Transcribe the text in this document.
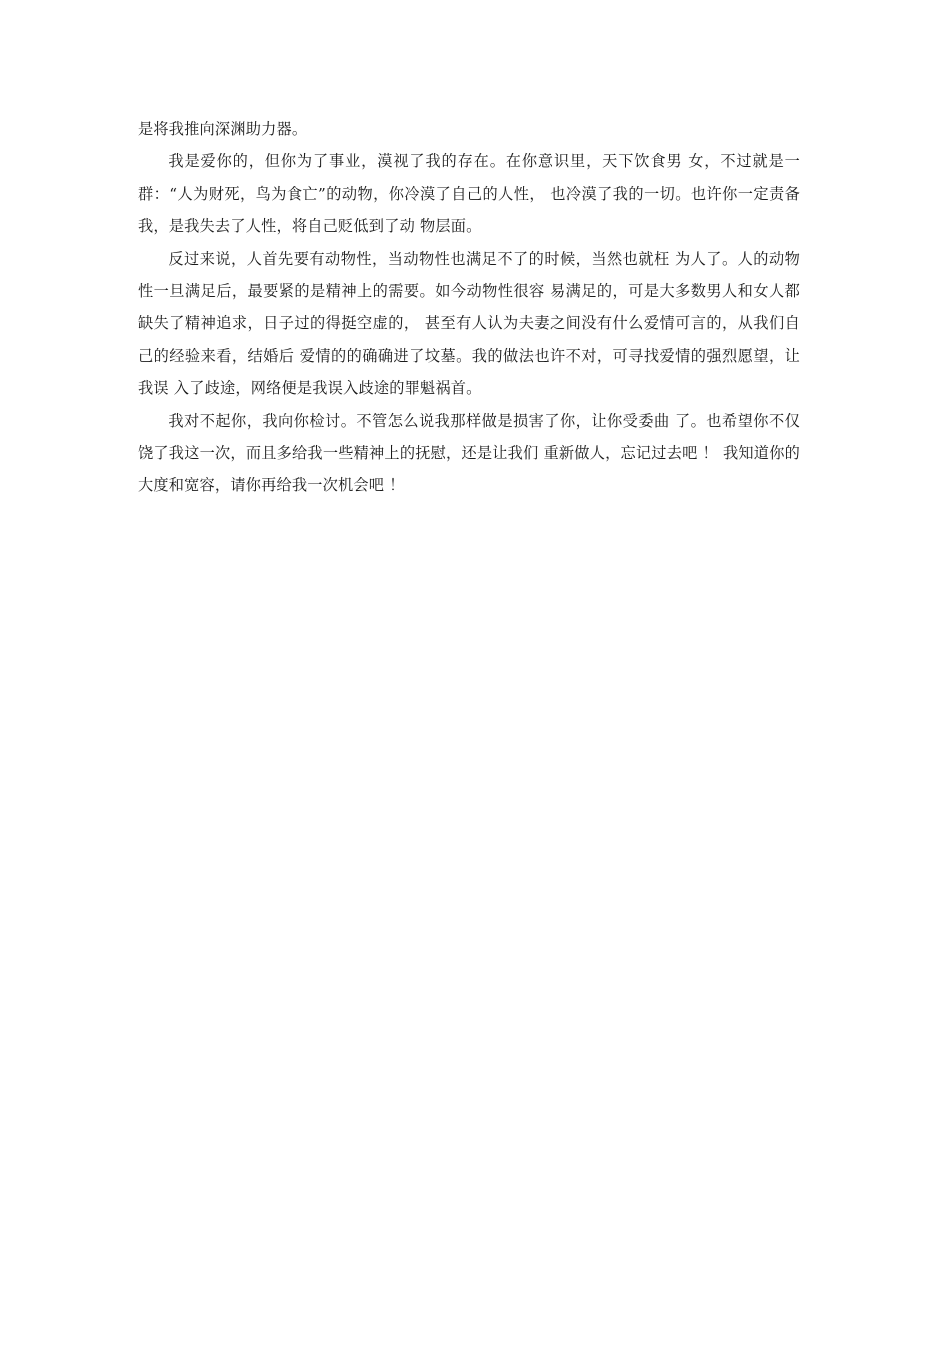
是将我推向深渊助力器。

我是爱你的，但你为了事业，漠视了我的存在。在你意识里，天下饮食男 女，不过就是一群：“人为财死，鸟为食亡”的动物，你冷漠了自己的人性， 也冷漠了我的一切。也许你一定责备我，是我失去了人性，将自己贬低到了动 物层面。

反过来说，人首先要有动物性，当动物性也满足不了的时候，当然也就枉 为人了。人的动物性一旦满足后，最要紧的是精神上的需要。如今动物性很容 易满足的，可是大多数男人和女人都缺失了精神追求，日子过的得挺空虚的， 甚至有人认为夫妻之间没有什么爱情可言的，从我们自己的经验来看，结婚后 爱情的的确确进了坟墓。我的做法也许不对，可寻找爱情的强烈愿望，让我误 入了歧途，网络便是我误入歧途的罪魁祸首。

我对不起你，我向你检讨。不管怎么说我那样做是损害了你，让你受委曲 了。也希望你不仅饶了我这一次，而且多给我一些精神上的抚慰，还是让我们 重新做人，忘记过去吧 ！ 我知道你的大度和宽容，请你再给我一次机会吧 ！
